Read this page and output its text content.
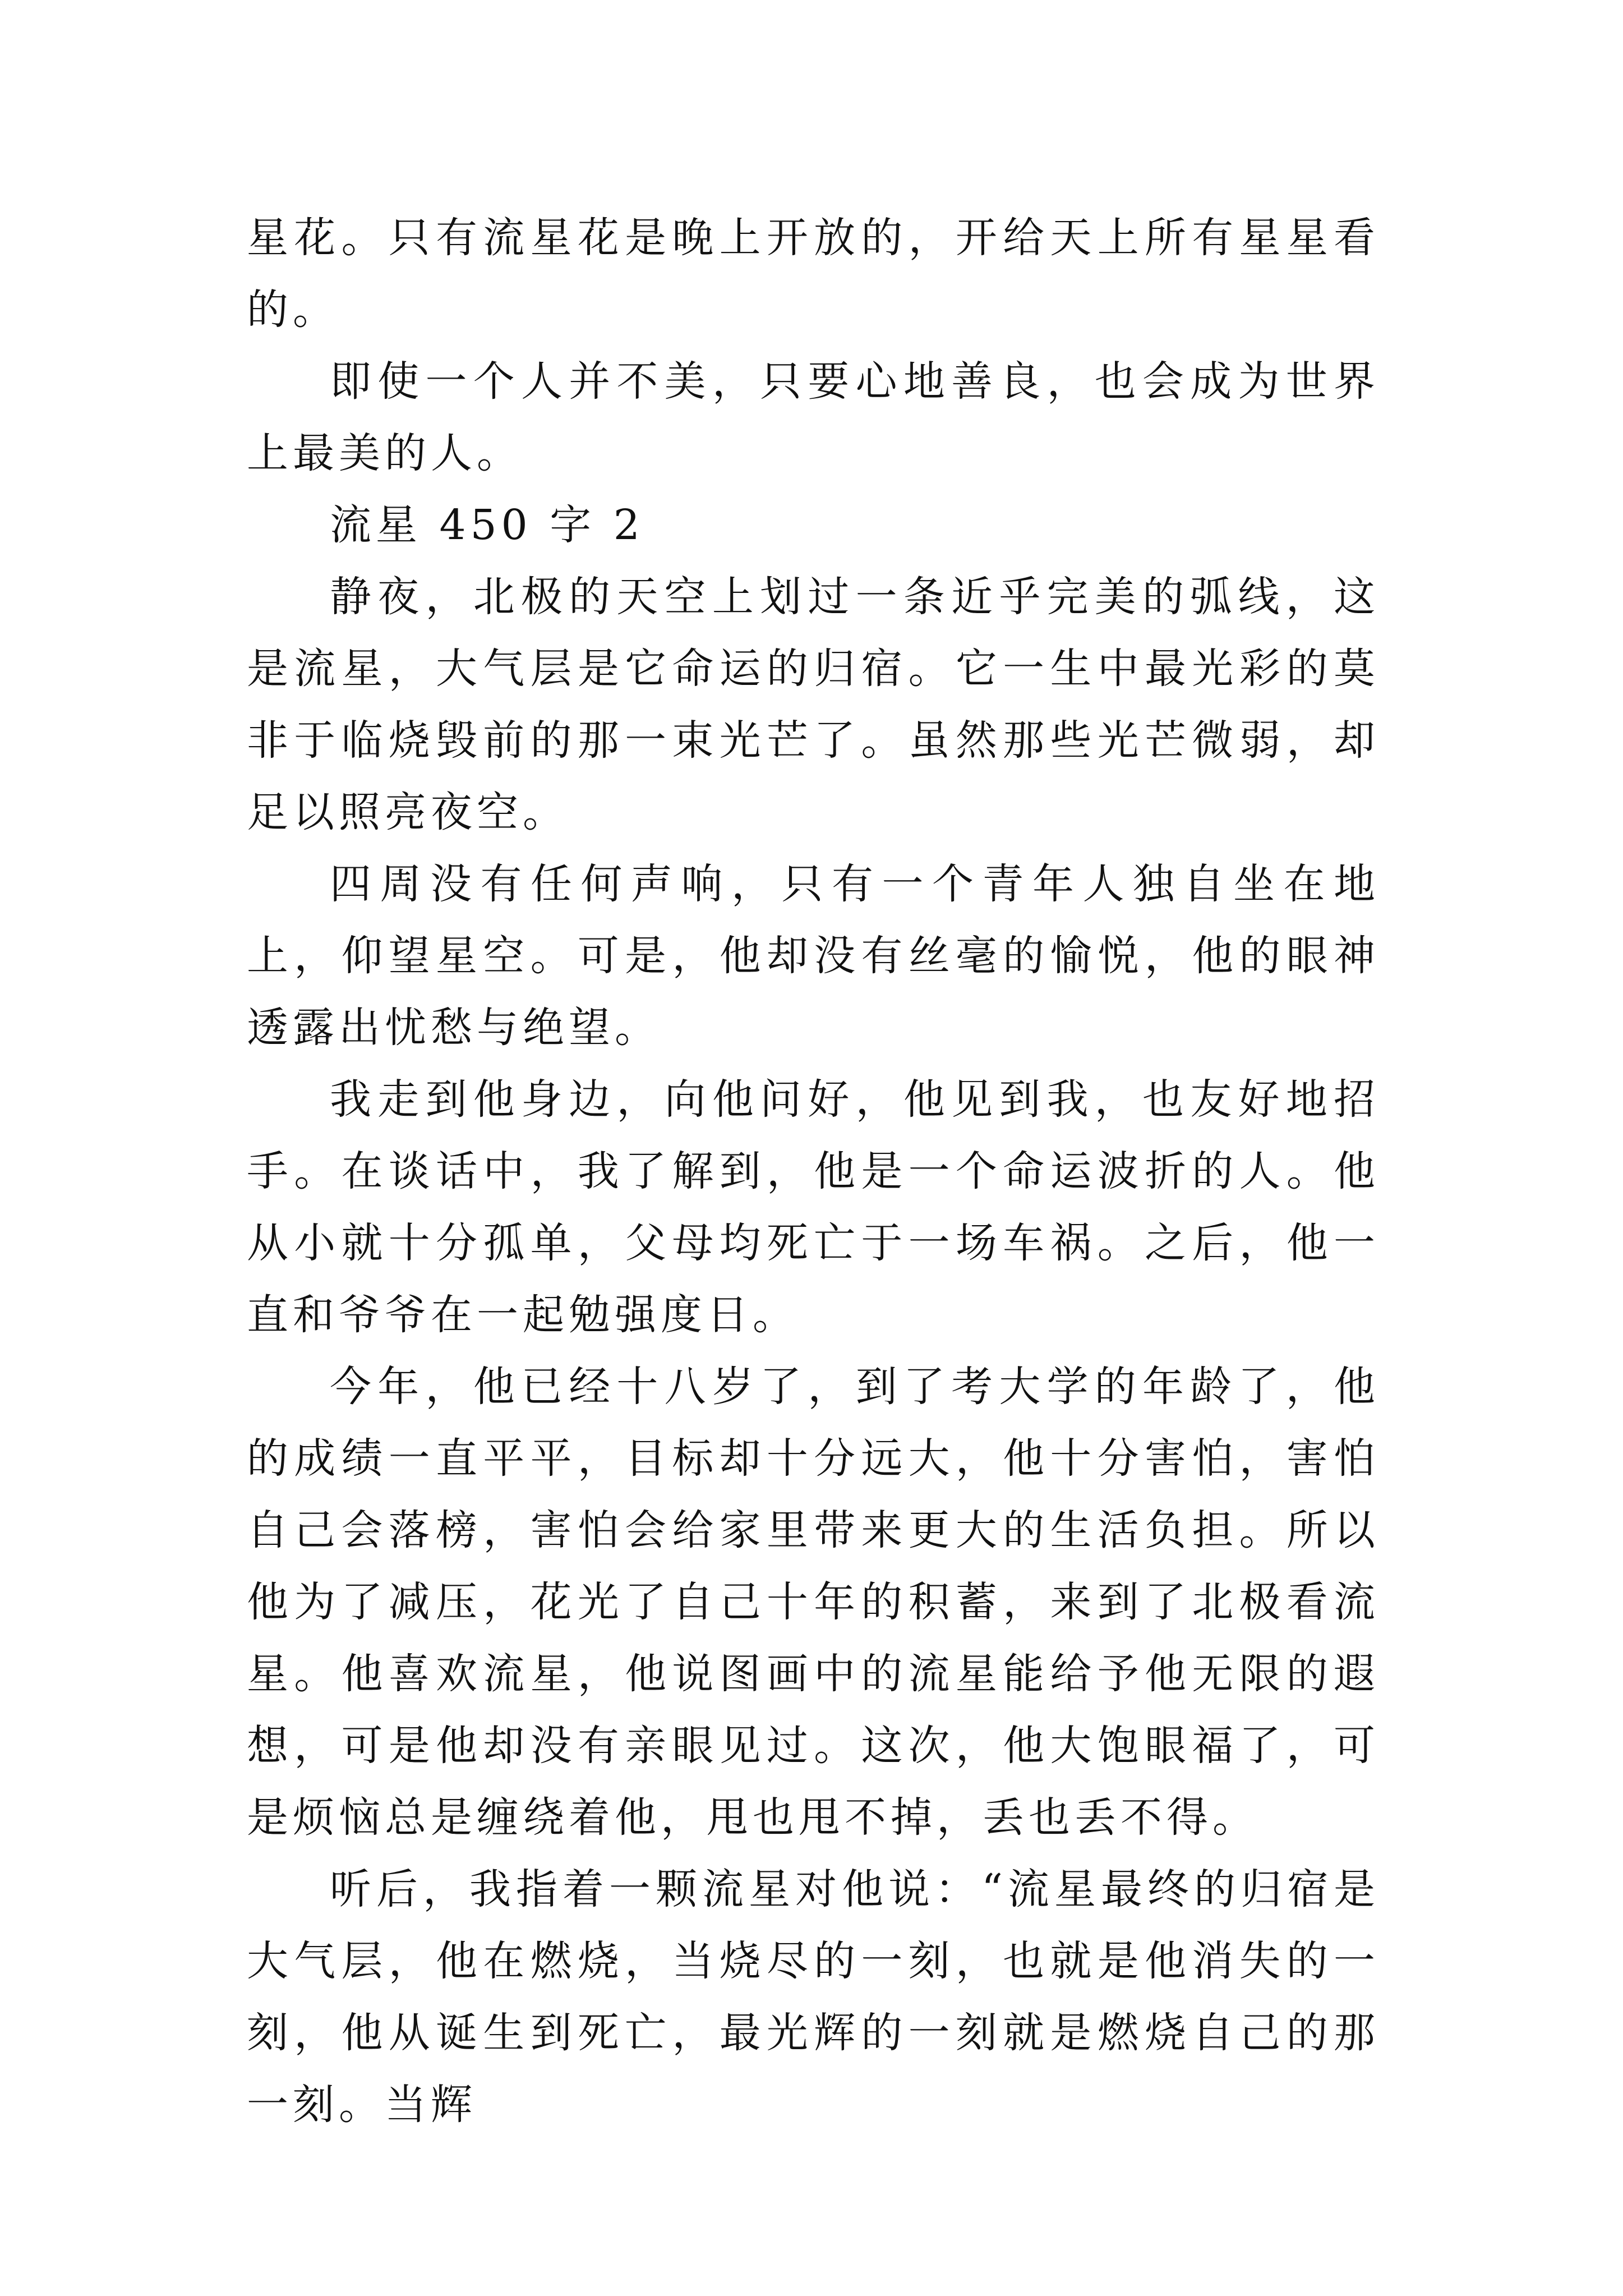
星花。只有流星花是晚上开放的，开给天上所有星星看 的。

即使一个人并不美，只要心地善良，也会成为世界上最美的人。

流星 450 字 2

静夜，北极的天空上划过一条近乎完美的弧线，这是流星，大气层是它命运的归宿。它一生中最光彩的莫非于临烧毁前的那一束光芒了。虽然那些光芒微弱，却足以照亮夜空。

四周没有任何声响，只有一个青年人独自坐在地上，仰望星空。可是，他却没有丝毫的愉悦，他的眼神透露出忧愁与绝望。

我走到他身边，向他问好，他见到我，也友好地招手。在谈话中，我了解到，他是一个命运波折的人。他从小就十分孤单，父母均死亡于一场车祸。之后，他一直和爷爷在一起勉强度日。

今年，他已经十八岁了，到了考大学的年龄了，他的成绩一直平平，目标却十分远大，他十分害怕，害怕自己会落榜，害怕会给家里带来更大的生活负担。所以他为了减压，花光了自己十年的积蓄，来到了北极看流星。他喜欢流星，他说图画中的流星能给予他无限的遐想，可是他却没有亲眼见过。这次，他大饱眼福了，可是烦恼总是缠绕着他，甩也甩不掉，丢也丢不得。

听后，我指着一颗流星对他说：“流星最终的归宿是大气层，他在燃烧，当烧尽的一刻，也就是他消失的一刻，他从诞生到死亡，最光辉的一刻就是燃烧自己的那一刻。当辉
